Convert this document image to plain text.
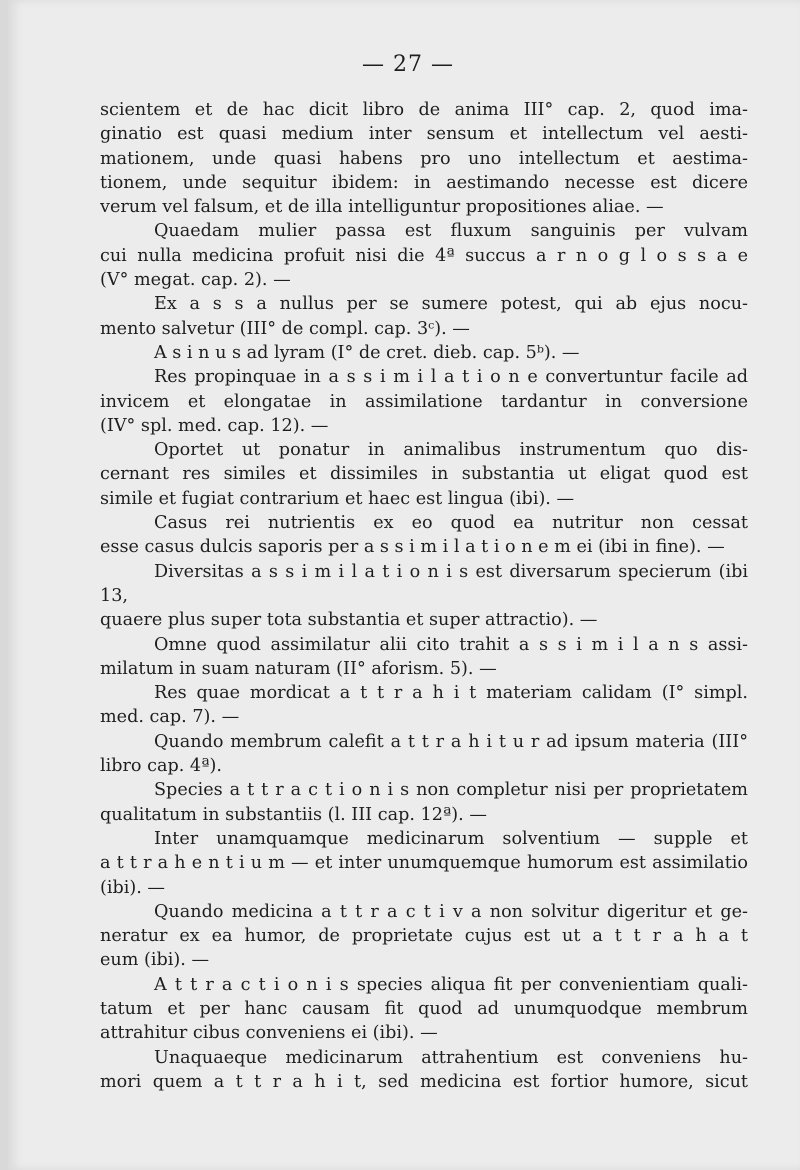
— 27 —
scientem et de hac dicit libro de anima III° cap. 2, quod ima-
ginatio est quasi medium inter sensum et intellectum vel aesti-
mationem, unde quasi habens pro uno intellectum et aestima-
tionem, unde sequitur ibidem: in aestimando necesse est dicere
verum vel falsum, et de illa intelliguntur propositiones aliae. —
Quaedam mulier passa est fluxum sanguinis per vulvam
cui nulla medicina profuit nisi die 4ª succus a r n o g l o s s a e
(V° megat. cap. 2). —
Ex a s s a nullus per se sumere potest, qui ab ejus nocu-
mento salvetur (III° de compl. cap. 3ᶜ). —
A s i n u s ad lyram (I° de cret. dieb. cap. 5ᵇ). —
Res propinquae in a s s i m i l a t i o n e convertuntur facile ad
invicem et elongatae in assimilatione tardantur in conversione
(IV° spl. med. cap. 12). —
Oportet ut ponatur in animalibus instrumentum quo dis-
cernant res similes et dissimiles in substantia ut eligat quod est
simile et fugiat contrarium et haec est lingua (ibi). —
Casus rei nutrientis ex eo quod ea nutritur non cessat
esse casus dulcis saporis per a s s i m i l a t i o n e m ei (ibi in fine). —
Diversitas a s s i m i l a t i o n i s est diversarum specierum (ibi 13,
quaere plus super tota substantia et super attractio). —
Omne quod assimilatur alii cito trahit a s s i m i l a n s assi-
milatum in suam naturam (II° aforism. 5). —
Res quae mordicat a t t r a h i t materiam calidam (I° simpl.
med. cap. 7). —
Quando membrum calefit a t t r a h i t u r ad ipsum materia (III°
libro cap. 4ª).
Species a t t r a c t i o n i s non completur nisi per proprietatem
qualitatum in substantiis (l. III cap. 12ª). —
Inter unamquamque medicinarum solventium — supple et
a t t r a h e n t i u m — et inter unumquemque humorum est assimilatio
(ibi). —
Quando medicina a t t r a c t i v a non solvitur digeritur et ge-
neratur ex ea humor, de proprietate cujus est ut a t t r a h a t
eum (ibi). —
A t t r a c t i o n i s species aliqua fit per convenientiam quali-
tatum et per hanc causam fit quod ad unumquodque membrum
attrahitur cibus conveniens ei (ibi). —
Unaquaeque medicinarum attrahentium est conveniens hu-
mori quem a t t r a h i t, sed medicina est fortior humore, sicut
